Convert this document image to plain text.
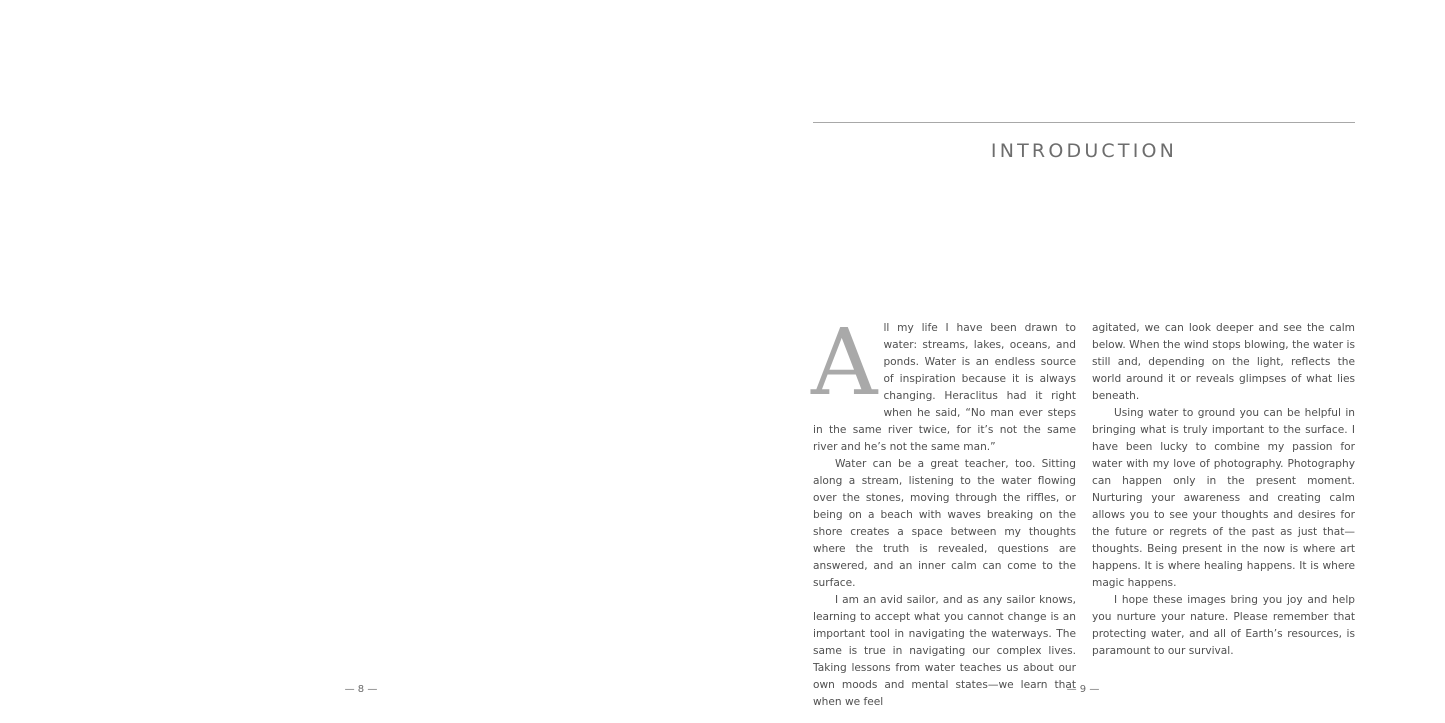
INTRODUCTION

All my life I have been drawn to water: streams, lakes, oceans, and ponds. Water is an endless source of inspiration because it is always changing. Heraclitus had it right when he said, “No man ever steps in the same river twice, for it’s not the same river and he’s not the same man.”

Water can be a great teacher, too. Sitting along a stream, listening to the water flowing over the stones, moving through the riffles, or being on a beach with waves breaking on the shore creates a space between my thoughts where the truth is revealed, questions are answered, and an inner calm can come to the surface.

I am an avid sailor, and as any sailor knows, learning to accept what you cannot change is an important tool in navigating the waterways. The same is true in navigating our complex lives. Taking lessons from water teaches us about our own moods and mental states—we learn that when we feel

agitated, we can look deeper and see the calm below. When the wind stops blowing, the water is still and, depending on the light, reflects the world around it or reveals glimpses of what lies beneath.

Using water to ground you can be helpful in bringing what is truly important to the surface. I have been lucky to combine my passion for water with my love of photography. Photography can happen only in the present moment. Nurturing your awareness and creating calm allows you to see your thoughts and desires for the future or regrets of the past as just that—thoughts. Being present in the now is where art happens. It is where healing happens. It is where magic happens.

I hope these images bring you joy and help you nurture your nature. Please remember that protecting water, and all of Earth’s resources, is paramount to our survival.

— 8 —	— 9 —
